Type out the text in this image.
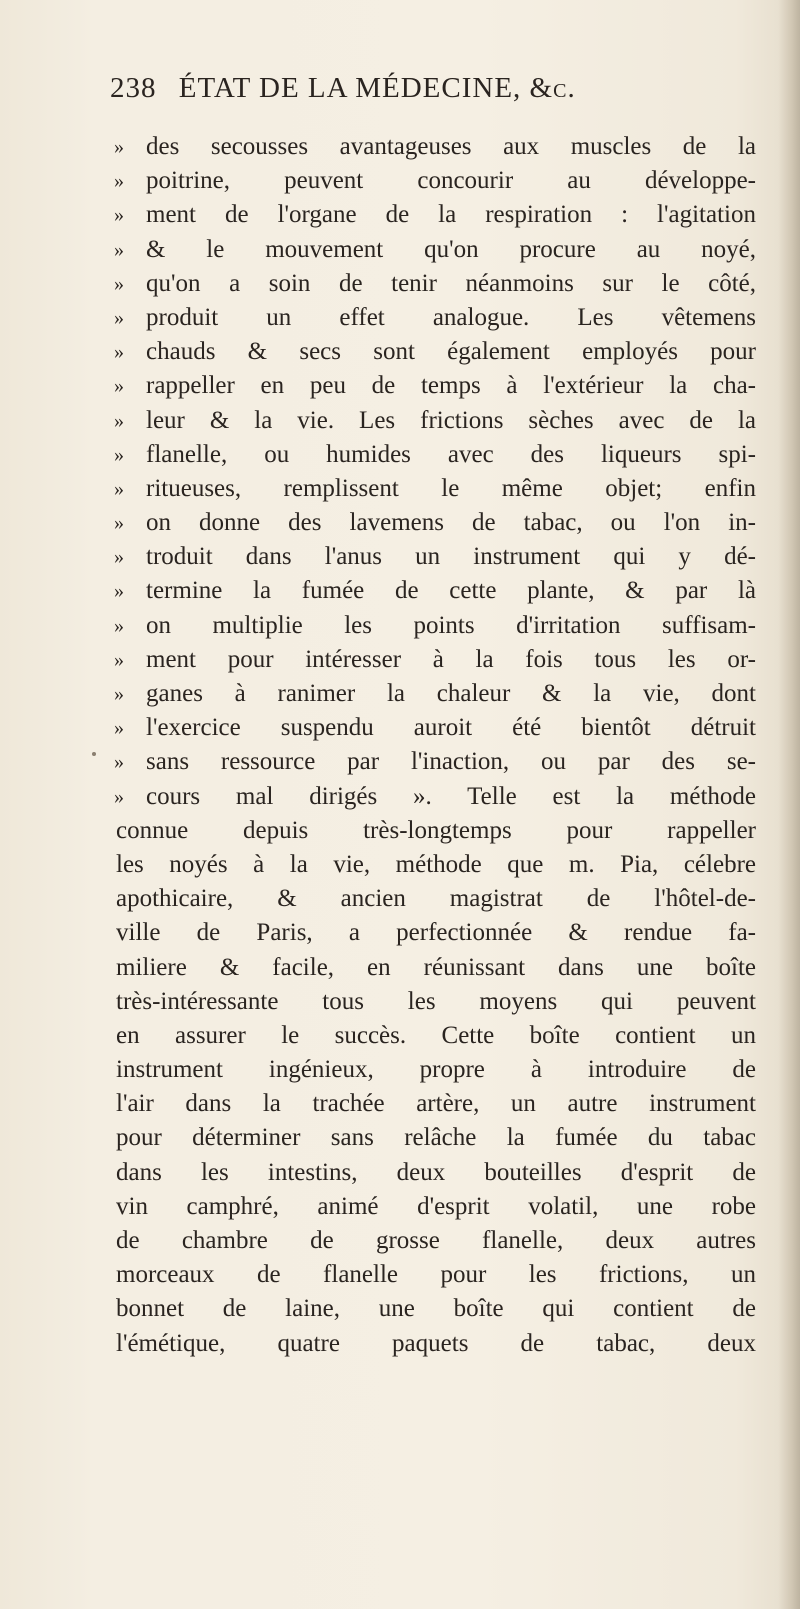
238 ÉTAT DE LA MÉDECINE, &c.
» des secousses avantageuses aux muscles de la
» poitrine, peuvent concourir au développe-
» ment de l'organe de la respiration : l'agitation
» & le mouvement qu'on procure au noyé,
» qu'on a soin de tenir néanmoins sur le côté,
» produit un effet analogue. Les vêtemens
» chauds & secs sont également employés pour
» rappeller en peu de temps à l'extérieur la cha-
» leur & la vie. Les frictions sèches avec de la
» flanelle, ou humides avec des liqueurs spi-
» ritueuses, remplissent le même objet; enfin
» on donne des lavemens de tabac, ou l'on in-
» troduit dans l'anus un instrument qui y dé-
» termine la fumée de cette plante, & par là
» on multiplie les points d'irritation suffisam-
» ment pour intéresser à la fois tous les or-
» ganes à ranimer la chaleur & la vie, dont
» l'exercice suspendu auroit été bientôt détruit
» sans ressource par l'inaction, ou par des se-
» cours mal dirigés ». Telle est la méthode
connue depuis très-longtemps pour rappeller
les noyés à la vie, méthode que m. Pia, célebre
apothicaire, & ancien magistrat de l'hôtel-de-
ville de Paris, a perfectionnée & rendue fa-
miliere & facile, en réunissant dans une boîte
très-intéressante tous les moyens qui peuvent
en assurer le succès. Cette boîte contient un
instrument ingénieux, propre à introduire de
l'air dans la trachée artère, un autre instrument
pour déterminer sans relâche la fumée du tabac
dans les intestins, deux bouteilles d'esprit de
vin camphré, animé d'esprit volatil, une robe
de chambre de grosse flanelle, deux autres
morceaux de flanelle pour les frictions, un
bonnet de laine, une boîte qui contient de
l'émétique, quatre paquets de tabac, deux
